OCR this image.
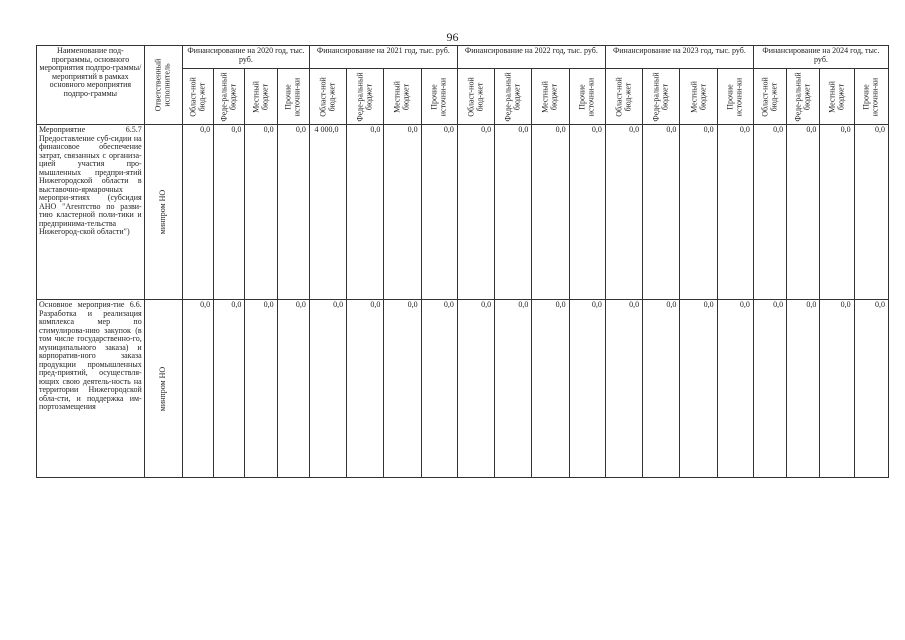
96
Наименование под-программы, основного мероприятия подпро-граммы/мероприятий в рамках основного мероприятия подпро-граммы	Ответственный исполнитель	Финансирование на 2020 год, тыс. руб.				Финансирование на 2021 год, тыс. руб.				Финансирование на 2022 год, тыс. руб.				Финансирование на 2023 год, тыс. руб.				Финансирование на 2024 год, тыс. руб.			

		Област-ной бюд-жет	Феде-ральный бюджет	Местный бюджет	Прочие источни-ки	Област-ной бюд-жет	Феде-ральный бюджет	Местный бюджет	Прочие источни-ки	Област-ной бюд-жет	Феде-ральный бюджет	Местный бюджет	Прочие источни-ки	Област-ной бюд-жет	Феде-ральный бюджет	Местный бюджет	Прочие источни-ки	Област-ной бюд-жет	Феде-ральный бюджет	Местный бюджет	Прочие источни-ки

Мероприятие 6.5.7 Предоставление суб-сидии на финансовое обеспечение затрат, связанных с организа-цией участия про-мышленных предпри-ятий Нижегородской области в выставочно-ярмарочных меропри-ятиях (субсидия АНО "Агентство по разви-тию кластерной поли-тики и предпринима-тельства Нижегород-ской области")	минпром НО	0,0	0,0	0,0	0,0	4 000,0	0,0	0,0	0,0	0,0	0,0	0,0	0,0	0,0	0,0	0,0	0,0	0,0	0,0	0,0	0,0
Основное мероприя-тие 6.6. Разработка и реализация комплекса мер по стимулирова-нию закупок (в том числе государственно-го, муниципального заказа) и корпоратив-ного заказа продукции промышленных пред-приятий, осуществля-ющих свою деятель-ность на территории Нижегородской обла-сти, и поддержка им-портозамещения	минпром НО	0,0	0,0	0,0	0,0	0,0	0,0	0,0	0,0	0,0	0,0	0,0	0,0	0,0	0,0	0,0	0,0	0,0	0,0	0,0	0,0
